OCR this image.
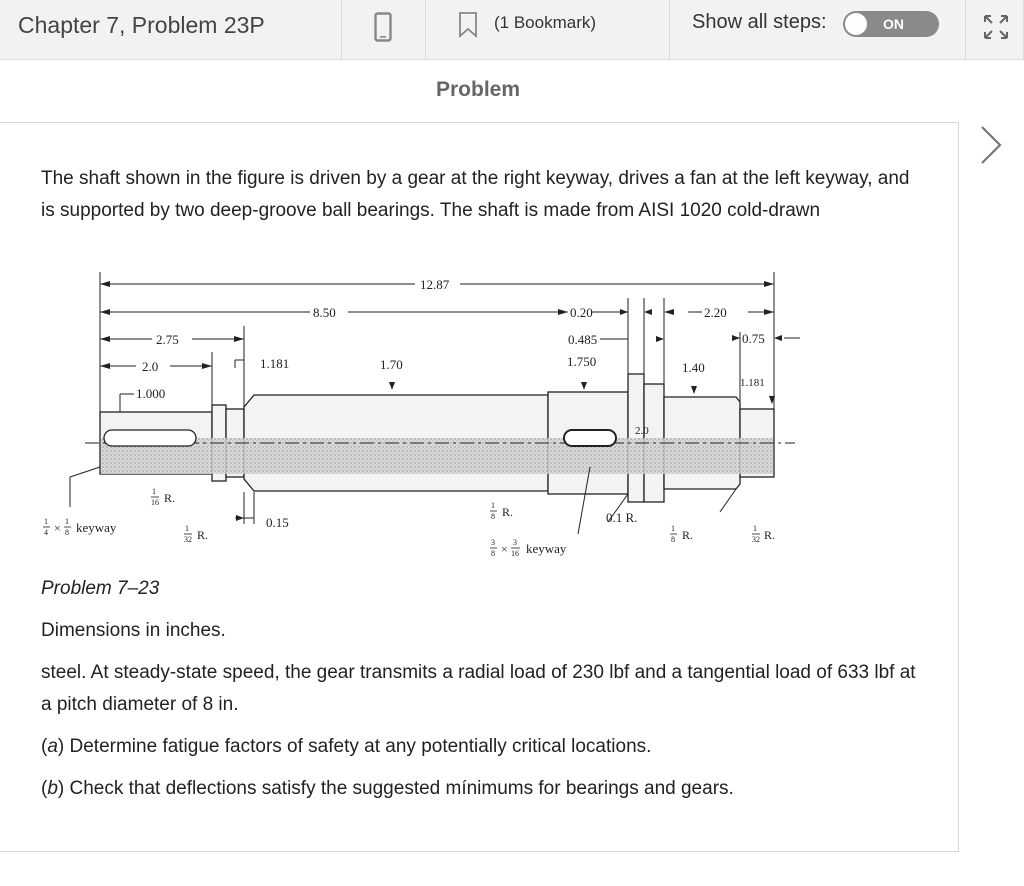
Chapter 7, Problem 23P	(1 Bookmark)	Show all steps:	ON
Problem
The shaft shown in the figure is driven by a gear at the right keyway, drives a fan at the left keyway, and is supported by two deep-groove ball bearings. The shaft is made from AISI 1020 cold-drawn
12.87
8.50	0.20	2.20
2.75	0.485	0.75
2.0	1.181	1.70	1.750	1.40
1.000
1.181
2.0
0.15	0.1 R.
1
16 R.
1
32 R.
1
8 R.
1
8 R.	1
32 R.
1
4 × 1
8 keyway
3
8 × 3
16 keyway
Problem 7–23
Dimensions in inches.
steel. At steady-state speed, the gear transmits a radial load of 230 lbf and a tangential load of 633 lbf at a pitch diameter of 8 in.
(a) Determine fatigue factors of safety at any potentially critical locations.
(b) Check that deflections satisfy the suggested mínimums for bearings and gears.
